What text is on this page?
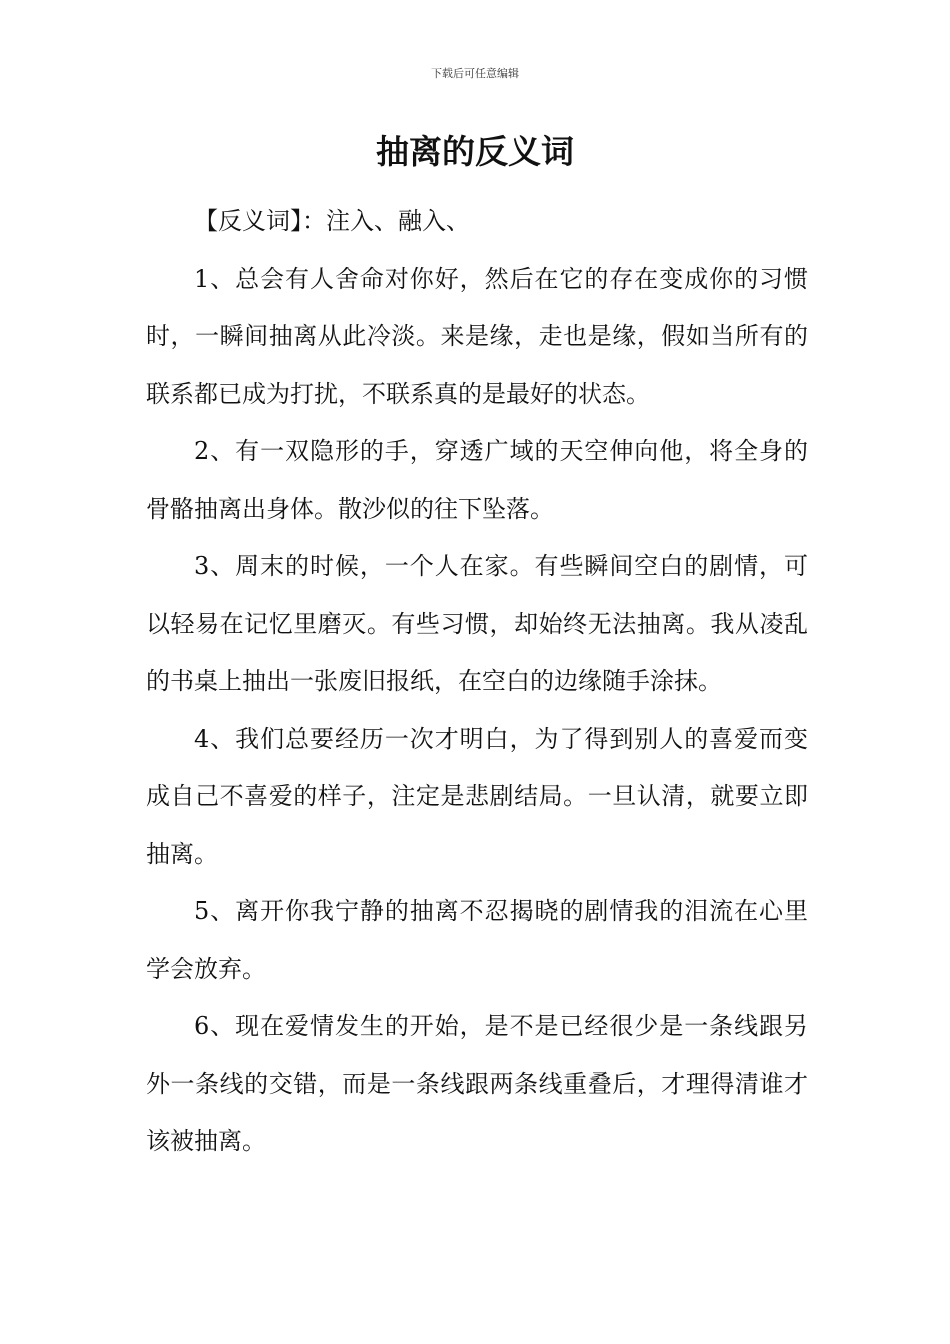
下载后可任意编辑
抽离的反义词

【反义词】：注入、融入、

1、总会有人舍命对你好，然后在它的存在变成你的习惯时，一瞬间抽离从此冷淡。来是缘，走也是缘，假如当所有的联系都已成为打扰，不联系真的是最好的状态。

2、有一双隐形的手，穿透广域的天空伸向他，将全身的骨骼抽离出身体。散沙似的往下坠落。

3、周末的时候，一个人在家。有些瞬间空白的剧情，可以轻易在记忆里磨灭。有些习惯，却始终无法抽离。我从凌乱的书桌上抽出一张废旧报纸，在空白的边缘随手涂抹。

4、我们总要经历一次才明白，为了得到别人的喜爱而变成自己不喜爱的样子，注定是悲剧结局。一旦认清，就要立即抽离。

5、离开你我宁静的抽离不忍揭晓的剧情我的泪流在心里学会放弃。

6、现在爱情发生的开始，是不是已经很少是一条线跟另外一条线的交错，而是一条线跟两条线重叠后，才理得清谁才该被抽离。
